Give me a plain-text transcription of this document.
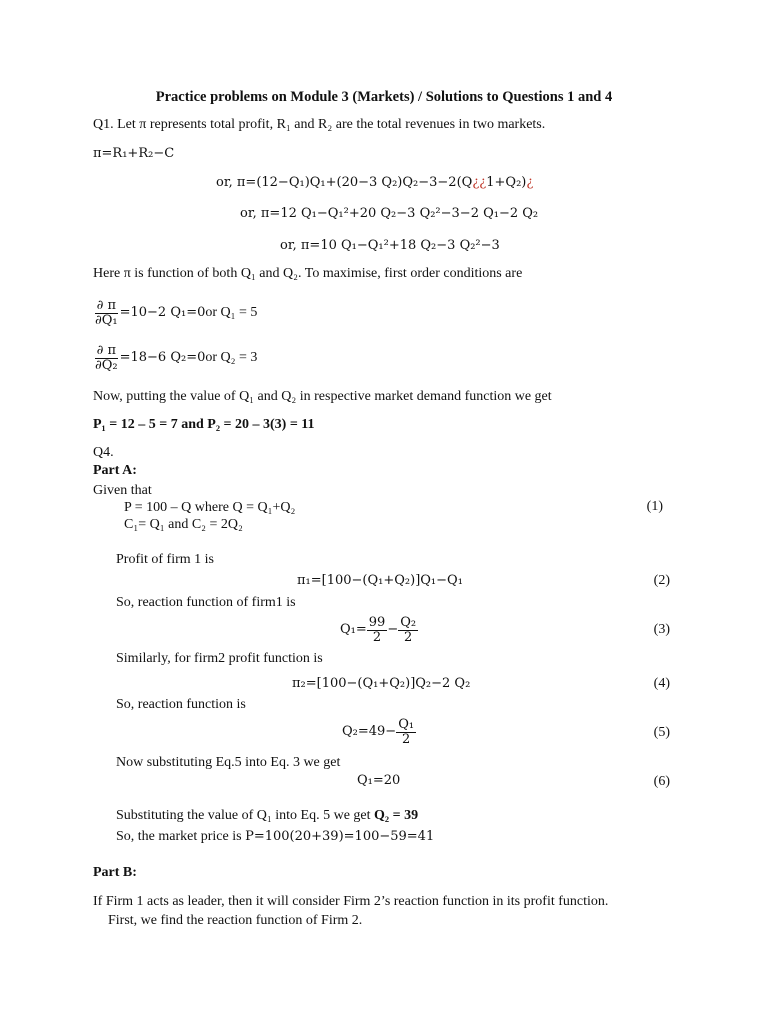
Practice problems on Module 3 (Markets) / Solutions to Questions 1 and 4
Q1. Let π represents total profit, R₁ and R₂ are the total revenues in two markets.
π=R₁+R₂−C
or, π=(12−Q₁)Q₁+(20−3 Q₂)Q₂−3−2(Q¿¿1+Q₂)¿
or, π=12 Q₁−Q₁²+20 Q₂−3 Q₂²−3−2 Q₁−2 Q₂
or, π=10 Q₁−Q₁²+18 Q₂−3 Q₂²−3
Here π is function of both Q₁ and Q₂. To maximise, first order conditions are
$\frac{\partial \pi}{\text{∂Q₁}} =10-2$ Q₁=0 or Q₁ = 5
$\frac{\partial \pi}{\text{∂Q₂}} =18-6$ Q₂=0 or Q₂ = 3
Now, putting the value of Q₁ and Q₂ in respective market demand function we get
P₁ = 12 – 5 = 7 and P₂ = 20 – 3(3) = 11
Q4.
Part A:
Given that
P = 100 – Q where Q = Q₁+Q₂	(1)
C₁= Q₁ and C₂ = 2Q₂
Profit of firm 1 is
π₁=[100−(Q₁+Q₂)]Q₁−Q₁	(2)
So, reaction function of firm1 is
$Q_1= \frac{99}{2} - \frac{\text{Q₂}}{2}$	(3)
Similarly, for firm2 profit function is
π₂=[100−(Q₁+Q₂)]Q₂−2 Q₂	(4)
So, reaction function is
$Q_2=49- \frac{\text{Q₁}}{2}$	(5)
Now substituting Eq.5 into Eq. 3 we get
Q₁=20	(6)
Substituting the value of Q₁ into Eq. 5 we get Q₂ = 39
So, the market price is P=100(20+39)=100−59=41
Part B:
If Firm 1 acts as leader, then it will consider Firm 2’s reaction function in its profit function.
First, we find the reaction function of Firm 2.
